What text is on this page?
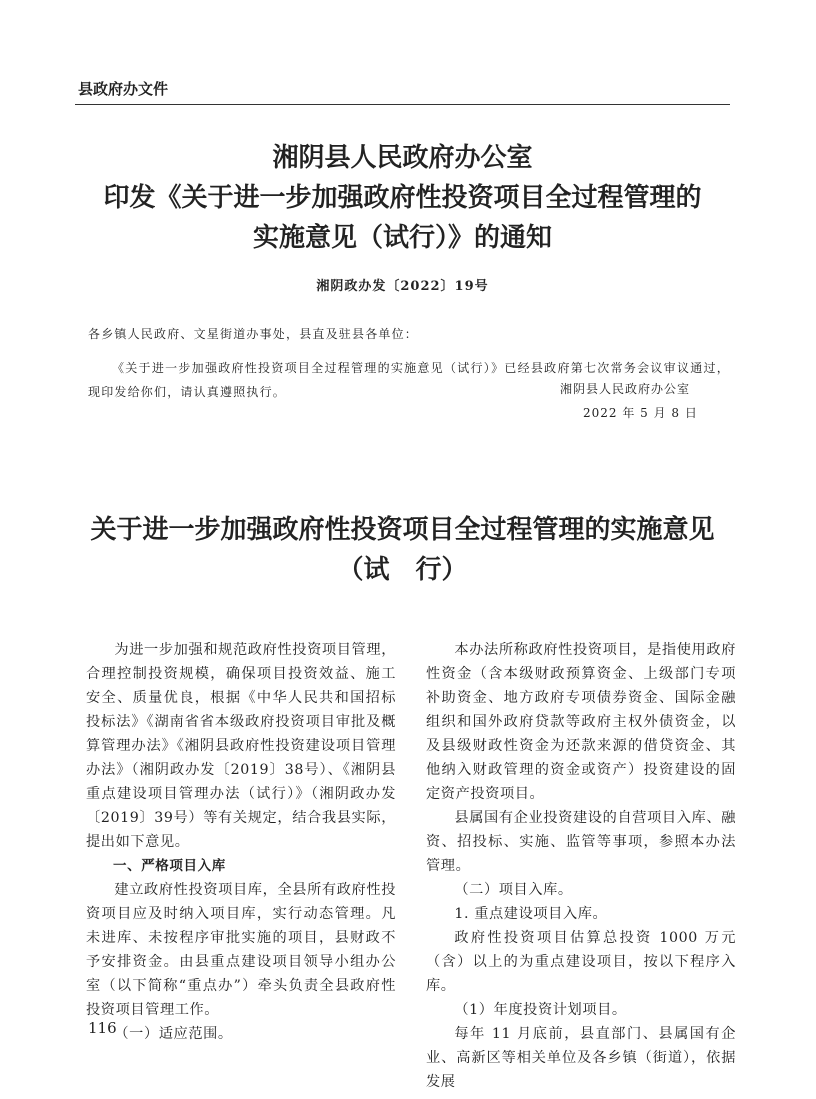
县政府办文件
湘阴县人民政府办公室
印发《关于进一步加强政府性投资项目全过程管理的
实施意见（试行）》的通知
湘阴政办发〔2022〕19号
各乡镇人民政府、文星街道办事处，县直及驻县各单位：
《关于进一步加强政府性投资项目全过程管理的实施意见（试行）》已经县政府第七次常务会议审议通过，现印发给你们，请认真遵照执行。	湘阴县人民政府办公室
2022 年 5 月 8 日
关于进一步加强政府性投资项目全过程管理的实施意见
（试　行）

为进一步加强和规范政府性投资项目管理，合理控制投资规模，确保项目投资效益、施工安全、质量优良，根据《中华人民共和国招标投标法》《湖南省省本级政府投资项目审批及概算管理办法》《湘阴县政府性投资建设项目管理办法》（湘阴政办发〔2019〕38号）、《湘阴县重点建设项目管理办法（试行）》（湘阴政办发〔2019〕39号）等有关规定，结合我县实际，提出如下意见。

一、严格项目入库

建立政府性投资项目库，全县所有政府性投资项目应及时纳入项目库，实行动态管理。凡未进库、未按程序审批实施的项目，县财政不予安排资金。由县重点建设项目领导小组办公室（以下简称“重点办”）牵头负责全县政府性投资项目管理工作。

（一）适应范围。

本办法所称政府性投资项目，是指使用政府性资金（含本级财政预算资金、上级部门专项补助资金、地方政府专项债券资金、国际金融组织和国外政府贷款等政府主权外债资金，以及县级财政性资金为还款来源的借贷资金、其他纳入财政管理的资金或资产）投资建设的固定资产投资项目。

县属国有企业投资建设的自营项目入库、融资、招投标、实施、监管等事项，参照本办法管理。

（二）项目入库。

1. 重点建设项目入库。

政府性投资项目估算总投资 1000 万元（含）以上的为重点建设项目，按以下程序入库。

（1）年度投资计划项目。

每年 11 月底前，县直部门、县属国有企业、高新区等相关单位及各乡镇（街道），依据发展

116
